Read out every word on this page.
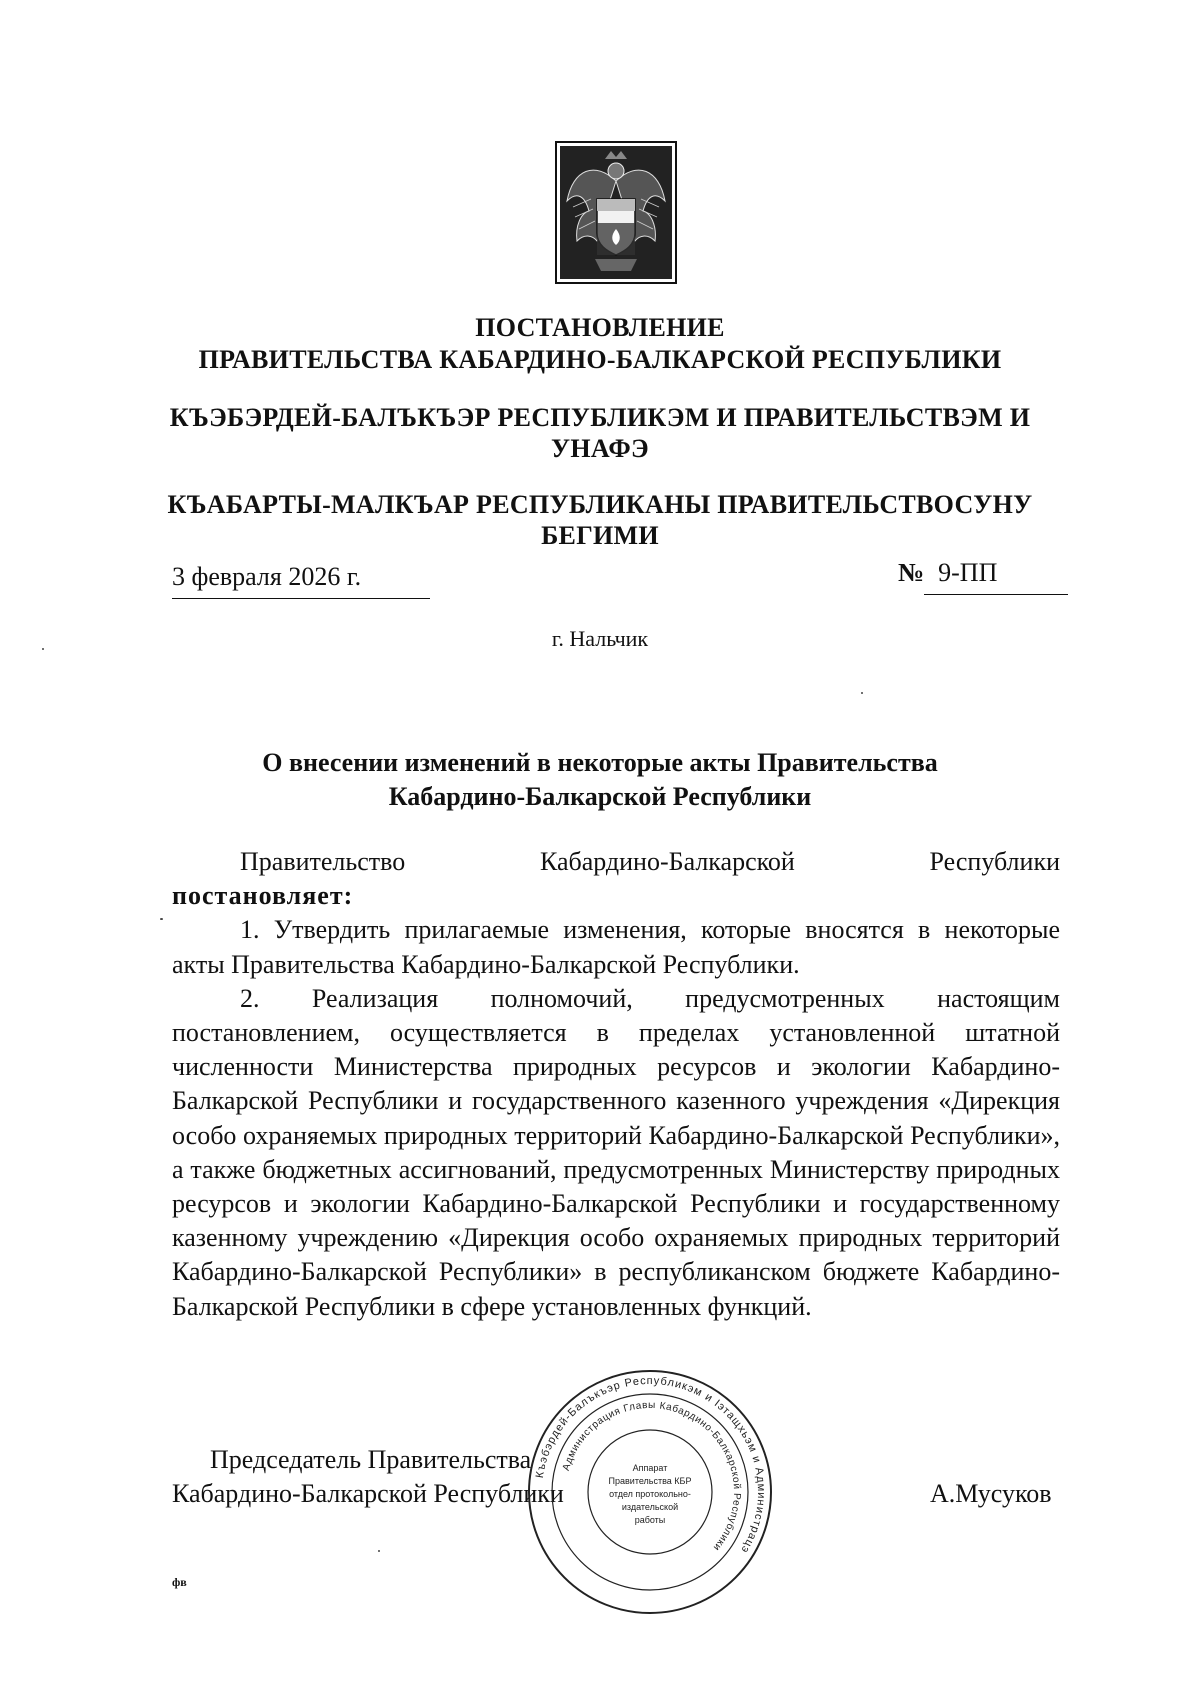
ПОСТАНОВЛЕНИЕ
ПРАВИТЕЛЬСТВА КАБАРДИНО-БАЛКАРСКОЙ РЕСПУБЛИКИ
КЪЭБЭРДЕЙ-БАЛЪКЪЭР РЕСПУБЛИКЭМ И ПРАВИТЕЛЬСТВЭМ И
УНАФЭ
КЪАБАРТЫ-МАЛКЪАР РЕСПУБЛИКАНЫ ПРАВИТЕЛЬСТВОСУНУ
БЕГИМИ
3 февраля 2026 г.	№ 9-ПП
г. Нальчик
О внесении изменений в некоторые акты Правительства
Кабардино-Балкарской Республики

Правительство Кабардино-Балкарской Республики

постановляет:

1. Утвердить прилагаемые изменения, которые вносятся в некоторые акты Правительства Кабардино-Балкарской Республики.

2. Реализация полномочий, предусмотренных настоящим постановлением, осуществляется в пределах установленной штатной численности Министерства природных ресурсов и экологии Кабардино-Балкарской Республики и государственного казенного учреждения «Дирекция особо охраняемых природных территорий Кабардино-Балкарской Республики», а также бюджетных ассигнований, предусмотренных Министерству природных ресурсов и экологии Кабардино-Балкарской Республики и государственному казенному учреждению «Дирекция особо охраняемых природных территорий Кабардино-Балкарской Республики» в республиканском бюджете Кабардино-Балкарской Республики в сфере установленных функций.

Председатель Правительства
Кабардино-Балкарской Республики	А.Мусуков
Къэбэрдей-Балъкъэр Республикэм и Іэтащхьэм и Администрацэ
Администрация Главы Кабардино-Балкарской Республики
Аппарат
Правительства КБР
отдел протокольно-
издательской
работы
фв
